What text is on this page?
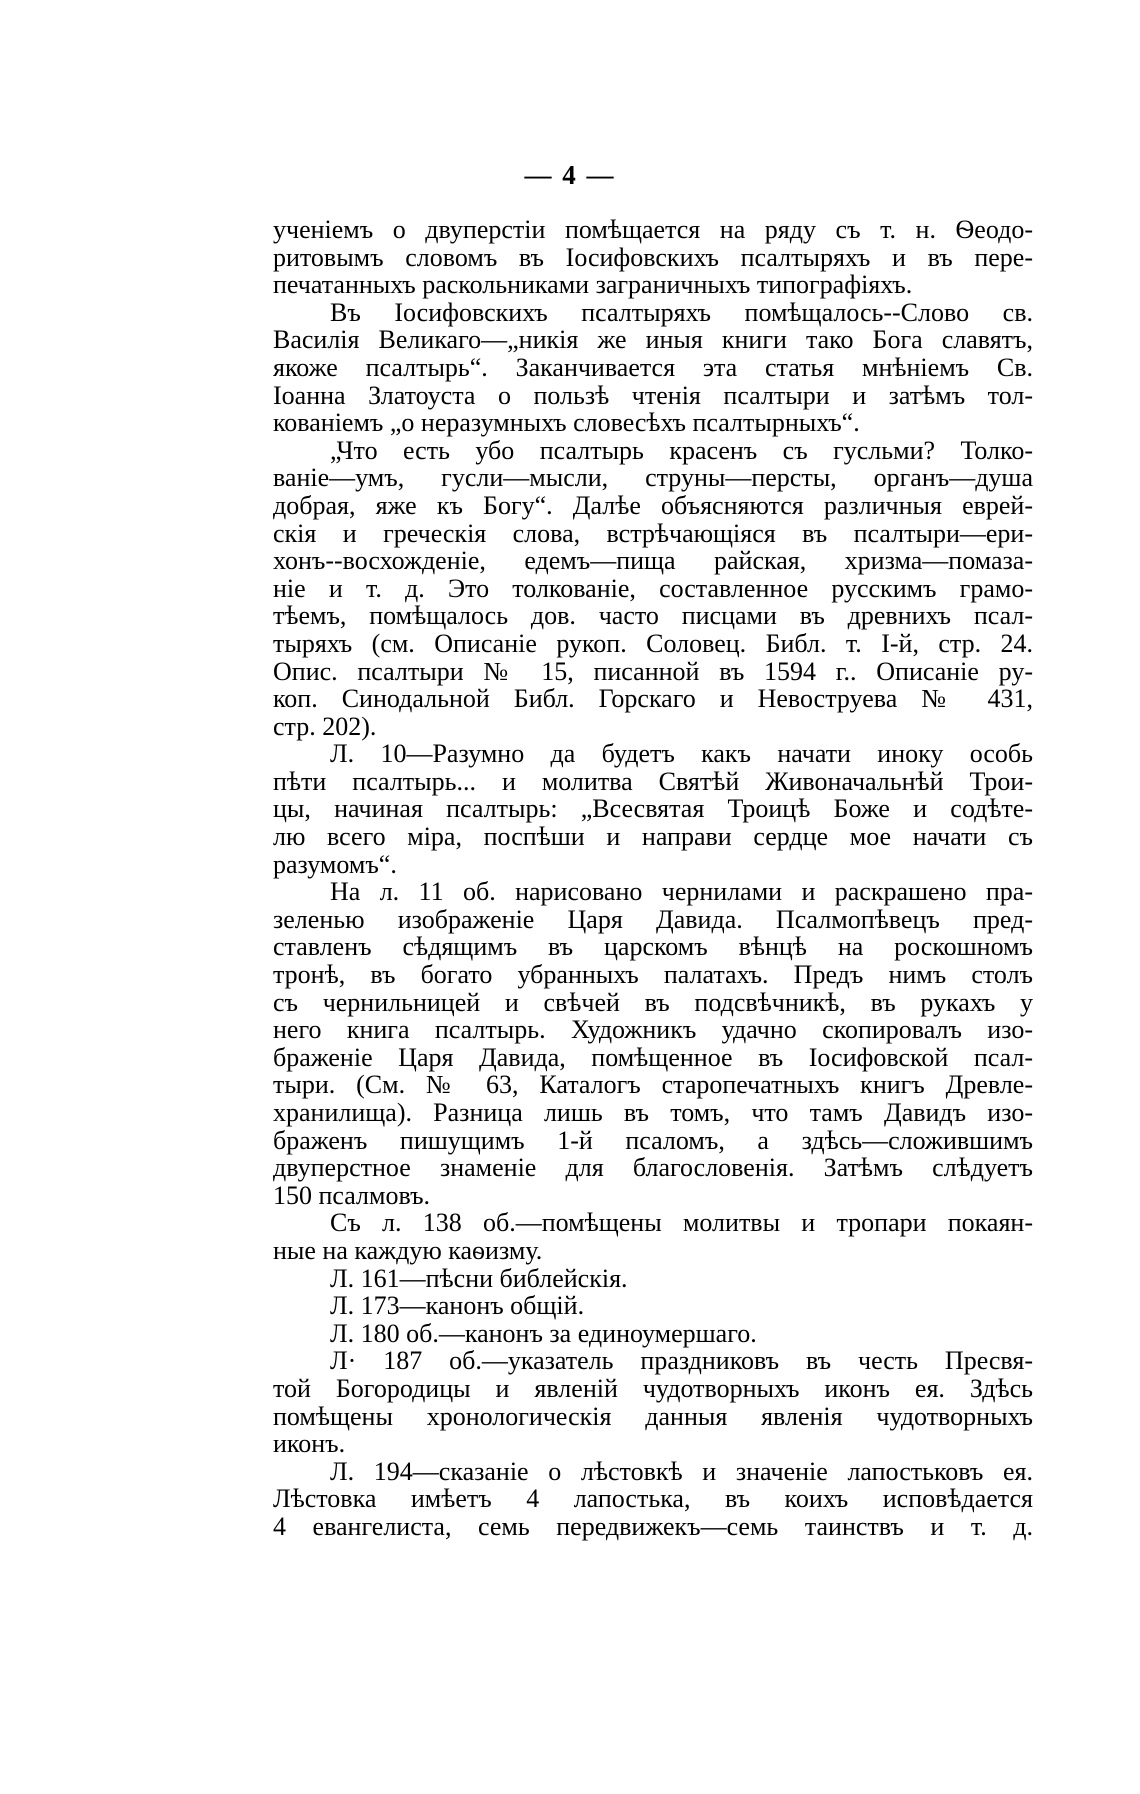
— 4 —
ученіемъ о двуперстіи помѣщается на ряду съ т. н. Ѳеодо-
ритовымъ словомъ въ Іосифовскихъ псалтыряхъ и въ пере-
печатанныхъ раскольниками заграничныхъ типографіяхъ.
Въ Іосифовскихъ псалтыряхъ помѣщалось--Слово св.
Василія Великаго—„никія же иныя книги тако Бога славятъ,
якоже псалтырь“. Заканчивается эта статья мнѣніемъ Св.
Іоанна Златоуста о пользѣ чтенія псалтыри и затѣмъ тол-
кованіемъ „о неразумныхъ словесѣхъ псалтырныхъ“.
„Что есть убо псалтырь красенъ съ гусльми? Толко-
ваніе—умъ, гусли—мысли, струны—персты, органъ—душа
добрая, яже къ Богу“. Далѣе объясняются различныя еврей-
скія и греческія слова, встрѣчающіяся въ псалтыри—ери-
хонъ--восхожденіе, едемъ—пища райская, хризма—помаза-
ніе и т. д. Это толкованіе, составленное русскимъ грамо-
тѣемъ, помѣщалось дов. часто писцами въ древнихъ псал-
тыряхъ (см. Описаніе рукоп. Соловец. Библ. т. І-й, стр. 24.
Опис. псалтыри № 15, писанной въ 1594 г.. Описаніе ру-
коп. Синодальной Библ. Горскаго и Невоструева № 431,
стр. 202).
Л. 10—Разумно да будетъ какъ начати иноку особь
пѣти псалтырь... и молитва Святѣй Живоначальнѣй Трои-
цы, начиная псалтырь: „Всесвятая Троицѣ Боже и содѣте-
лю всего міра, поспѣши и направи сердце мое начати съ
разумомъ“.
На л. 11 об. нарисовано чернилами и раскрашено пра-
зеленью изображеніе Царя Давида. Псалмопѣвецъ пред-
ставленъ сѣдящимъ въ царскомъ вѣнцѣ на роскошномъ
тронѣ, въ богато убранныхъ палатахъ. Предъ нимъ столъ
съ чернильницей и свѣчей въ подсвѣчникѣ, въ рукахъ у
него книга псалтырь. Художникъ удачно скопировалъ изо-
браженіе Царя Давида, помѣщенное въ Іосифовской псал-
тыри. (См. № 63, Каталогъ старопечатныхъ книгъ Древле-
хранилища). Разница лишь въ томъ, что тамъ Давидъ изо-
браженъ пишущимъ 1-й псаломъ, а здѣсь—сложившимъ
двуперстное знаменіе для благословенія. Затѣмъ слѣдуетъ
150 псалмовъ.
Съ л. 138 об.—помѣщены молитвы и тропари покаян-
ные на каждую каѳизму.
Л. 161—пѣсни библейскія.
Л. 173—канонъ общій.
Л. 180 об.—канонъ за единоумершаго.
Л· 187 об.—указатель праздниковъ въ честь Пресвя-
той Богородицы и явленій чудотворныхъ иконъ ея. Здѣсь
помѣщены хронологическія данныя явленія чудотворныхъ
иконъ.
Л. 194—сказаніе о лѣстовкѣ и значеніе лапостьковъ ея.
Лѣстовка имѣетъ 4 лапостька, въ коихъ исповѣдается
4 евангелиста, семь передвижекъ—семь таинствъ и т. д.
